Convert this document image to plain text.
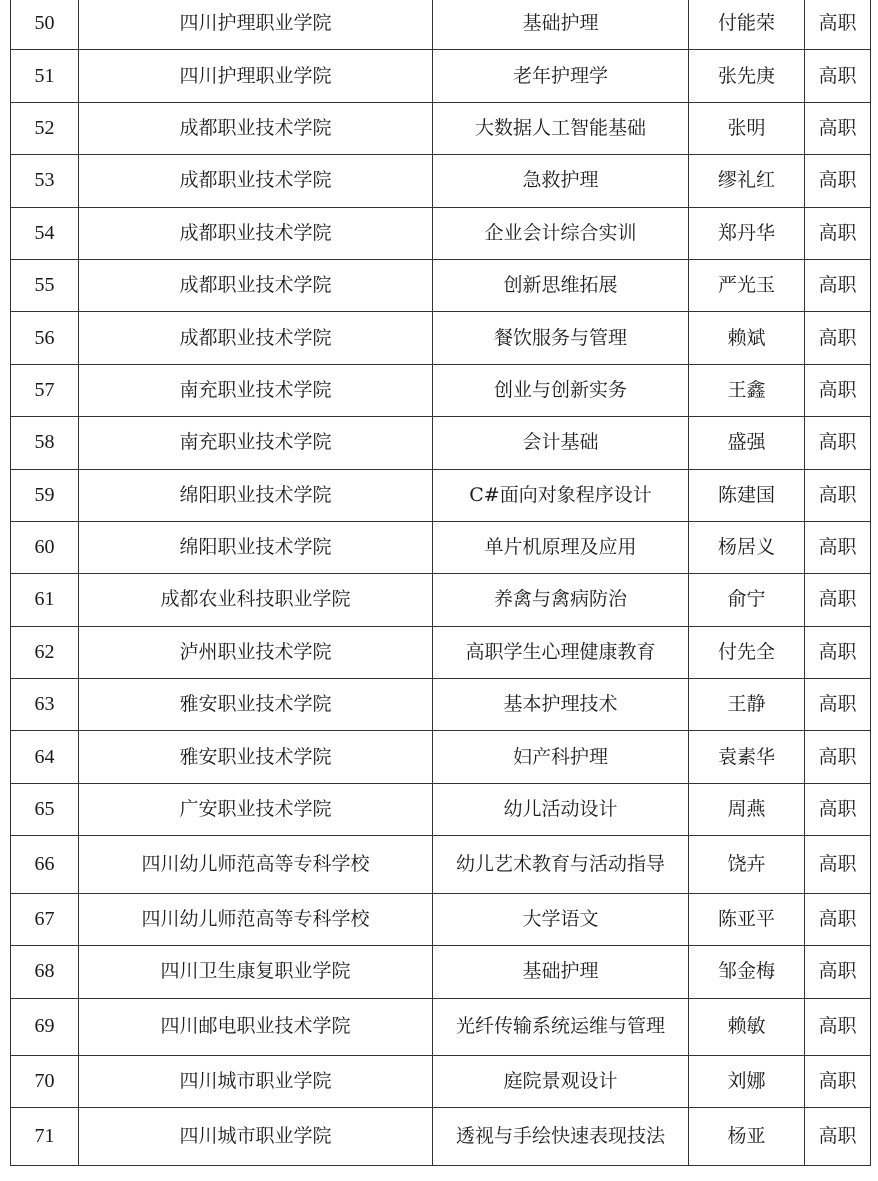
50	四川护理职业学院	基础护理	付能荣	高职
51	四川护理职业学院	老年护理学	张先庚	高职
52	成都职业技术学院	大数据人工智能基础	张明	高职
53	成都职业技术学院	急救护理	缪礼红	高职
54	成都职业技术学院	企业会计综合实训	郑丹华	高职
55	成都职业技术学院	创新思维拓展	严光玉	高职
56	成都职业技术学院	餐饮服务与管理	赖斌	高职
57	南充职业技术学院	创业与创新实务	王鑫	高职
58	南充职业技术学院	会计基础	盛强	高职
59	绵阳职业技术学院	C#面向对象程序设计	陈建国	高职
60	绵阳职业技术学院	单片机原理及应用	杨居义	高职
61	成都农业科技职业学院	养禽与禽病防治	俞宁	高职
62	泸州职业技术学院	高职学生心理健康教育	付先全	高职
63	雅安职业技术学院	基本护理技术	王静	高职
64	雅安职业技术学院	妇产科护理	袁素华	高职
65	广安职业技术学院	幼儿活动设计	周燕	高职
66	四川幼儿师范高等专科学校	幼儿艺术教育与活动指导	饶卉	高职
67	四川幼儿师范高等专科学校	大学语文	陈亚平	高职
68	四川卫生康复职业学院	基础护理	邹金梅	高职
69	四川邮电职业技术学院	光纤传输系统运维与管理	赖敏	高职
70	四川城市职业学院	庭院景观设计	刘娜	高职
71	四川城市职业学院	透视与手绘快速表现技法	杨亚	高职
